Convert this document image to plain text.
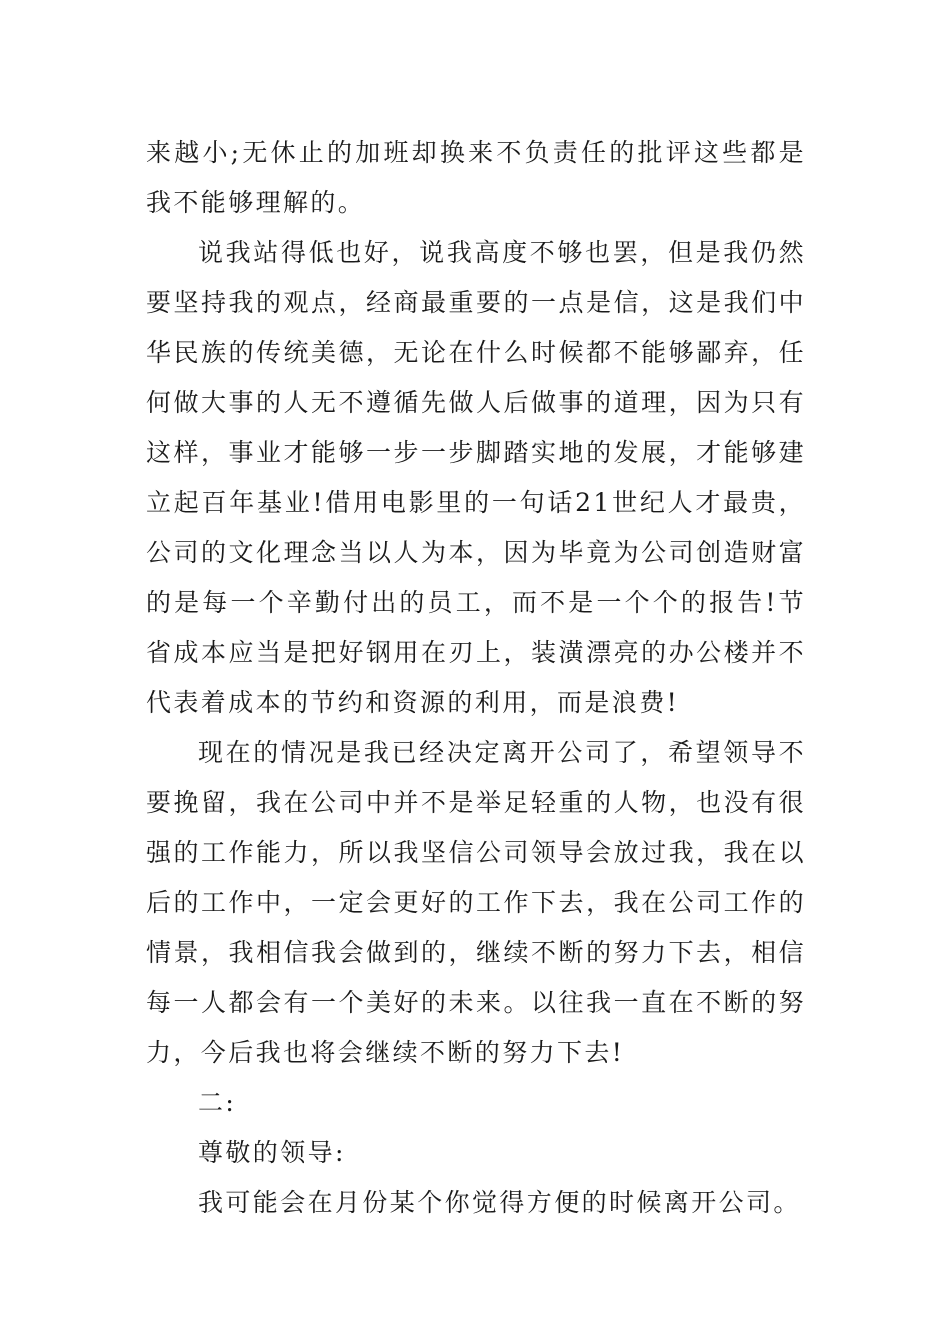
来越小;无休止的加班却换来不负责任的批评这些都是我不能够理解的。

说我站得低也好，说我高度不够也罢，但是我仍然要坚持我的观点，经商最重要的一点是信，这是我们中华民族的传统美德，无论在什么时候都不能够鄙弃，任何做大事的人无不遵循先做人后做事的道理，因为只有这样，事业才能够一步一步脚踏实地的发展，才能够建立起百年基业!借用电影里的一句话21世纪人才最贵，公司的文化理念当以人为本，因为毕竟为公司创造财富的是每一个辛勤付出的员工，而不是一个个的报告!节省成本应当是把好钢用在刃上，装潢漂亮的办公楼并不代表着成本的节约和资源的利用，而是浪费!

现在的情况是我已经决定离开公司了，希望领导不要挽留，我在公司中并不是举足轻重的人物，也没有很强的工作能力，所以我坚信公司领导会放过我，我在以后的工作中，一定会更好的工作下去，我在公司工作的情景，我相信我会做到的，继续不断的努力下去，相信每一人都会有一个美好的未来。以往我一直在不断的努力，今后我也将会继续不断的努力下去!

二:

尊敬的领导:

我可能会在月份某个你觉得方便的时候离开公司。
